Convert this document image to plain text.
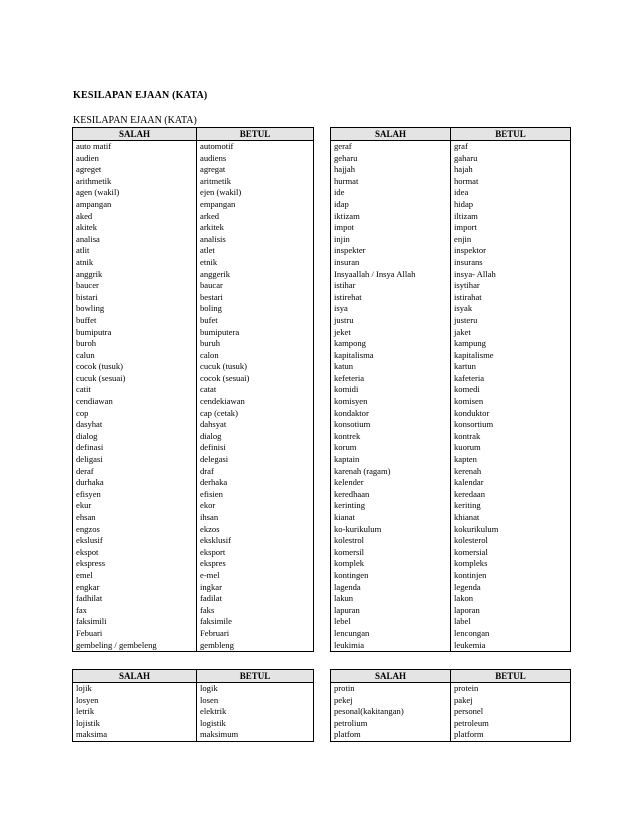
KESILAPAN EJAAN (KATA)
KESILAPAN EJAAN (KATA)
SALAH	BETUL
auto matif	automotif
audien	audiens
agreget	agregat
arithmetik	aritmetik
agen (wakil)	ejen (wakil)
ampangan	empangan
aked	arked
akitek	arkitek
analisa	analisis
atlit	atlet
atnik	etnik
anggrik	anggerik
baucer	baucar
bistari	bestari
bowling	boling
buffet	bufet
bumiputra	bumiputera
buroh	buruh
calun	calon
cocok (tusuk)	cucuk (tusuk)
cucuk (sesuai)	cocok (sesuai)
catit	catat
cendiawan	cendekiawan
cop	cap (cetak)
dasyhat	dahsyat
dialog	dialog
definasi	definisi
deligasi	delegasi
deraf	draf
durhaka	derhaka
efisyen	efisien
ekur	ekor
ehsan	ihsan
engzos	ekzos
ekslusif	eksklusif
ekspot	eksport
ekspress	ekspres
emel	e-mel
engkar	ingkar
fadhilat	fadilat
fax	faks
faksimili	faksimile
Febuari	Februari
gembeling / gembeleng	gembleng
SALAH	BETUL
geraf	graf
geharu	gaharu
hajjah	hajah
hurmat	hormat
ide	idea
idap	hidap
iktizam	iltizam
impot	import
injin	enjin
inspekter	inspektor
insuran	insurans
Insyaallah / Insya Allah	insya- Allah
istihar	isytihar
istirehat	istirahat
isya	isyak
justru	justeru
jeket	jaket
kampong	kampung
kapitalisma	kapitalisme
katun	kartun
kefeteria	kafeteria
komidi	komedi
komisyen	komisen
kondaktor	konduktor
konsotium	konsortium
kontrek	kontrak
korum	kuorum
kaptain	kapten
karenah (ragam)	kerenah
kelender	kalendar
keredhaan	keredaan
kerinting	keriting
kianat	khianat
ko-kurikulum	kokurikulum
kolestrol	kolesterol
komersil	komersial
komplek	kompleks
kontingen	kontinjen
lagenda	legenda
lakun	lakon
lapuran	laporan
lebel	label
lencungan	lencongan
leukimia	leukemia
SALAH	BETUL
lojik	logik
losyen	losen
letrik	elektrik
lojistik	logistik
maksima	maksimum
SALAH	BETUL
protin	protein
pekej	pakej
pesonal(kakitangan)	personel
petrolium	petroleum
platfom	platform
